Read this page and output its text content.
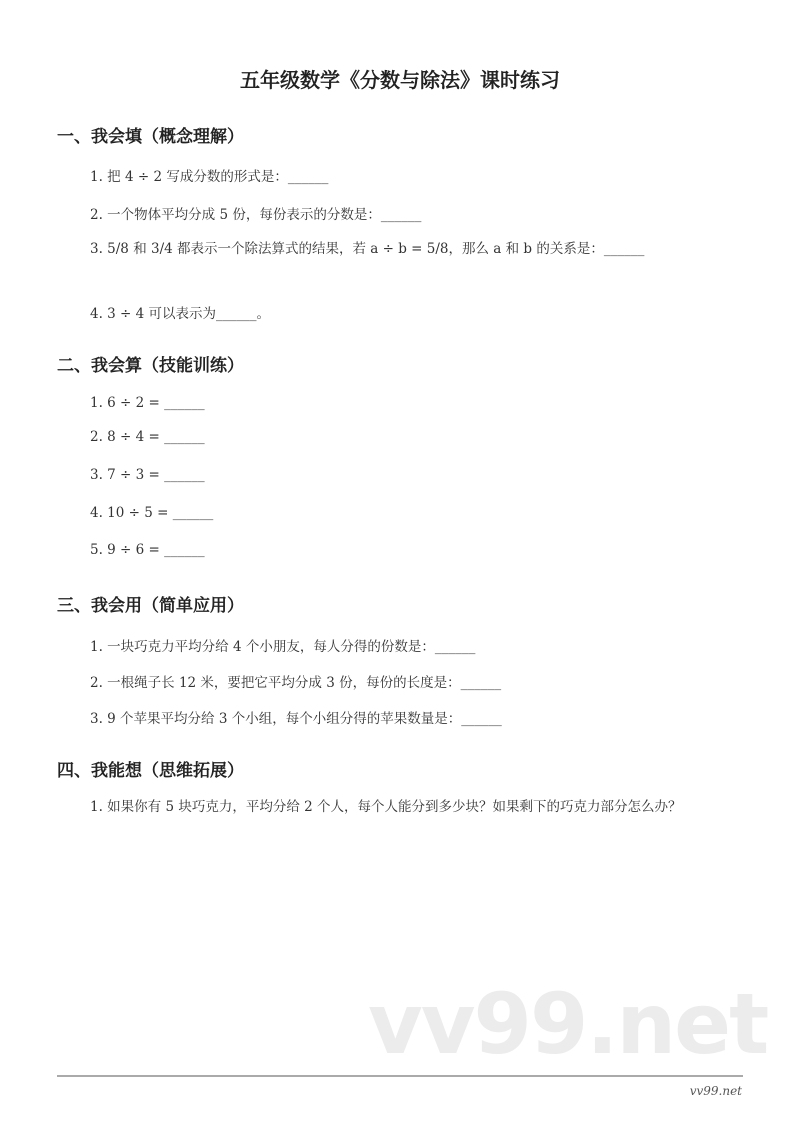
五年级数学《分数与除法》课时练习
一、我会填（概念理解）
1. 把 4 ÷ 2 写成分数的形式是：______
2. 一个物体平均分成 5 份，每份表示的分数是：______
3. 5/8 和 3/4 都表示一个除法算式的结果，若 a ÷ b = 5/8，那么 a 和 b 的关系是：______
4. 3 ÷ 4 可以表示为______。
二、我会算（技能训练）
1. 6 ÷ 2 = ______
2. 8 ÷ 4 = ______
3. 7 ÷ 3 = ______
4. 10 ÷ 5 = ______
5. 9 ÷ 6 = ______
三、我会用（简单应用）
1. 一块巧克力平均分给 4 个小朋友，每人分得的份数是：______
2. 一根绳子长 12 米，要把它平均分成 3 份，每份的长度是：______
3. 9 个苹果平均分给 3 个小组，每个小组分得的苹果数量是：______
四、我能想（思维拓展）
1. 如果你有 5 块巧克力，平均分给 2 个人，每个人能分到多少块？如果剩下的巧克力部分怎么办？
vv99.net
vv99.net
